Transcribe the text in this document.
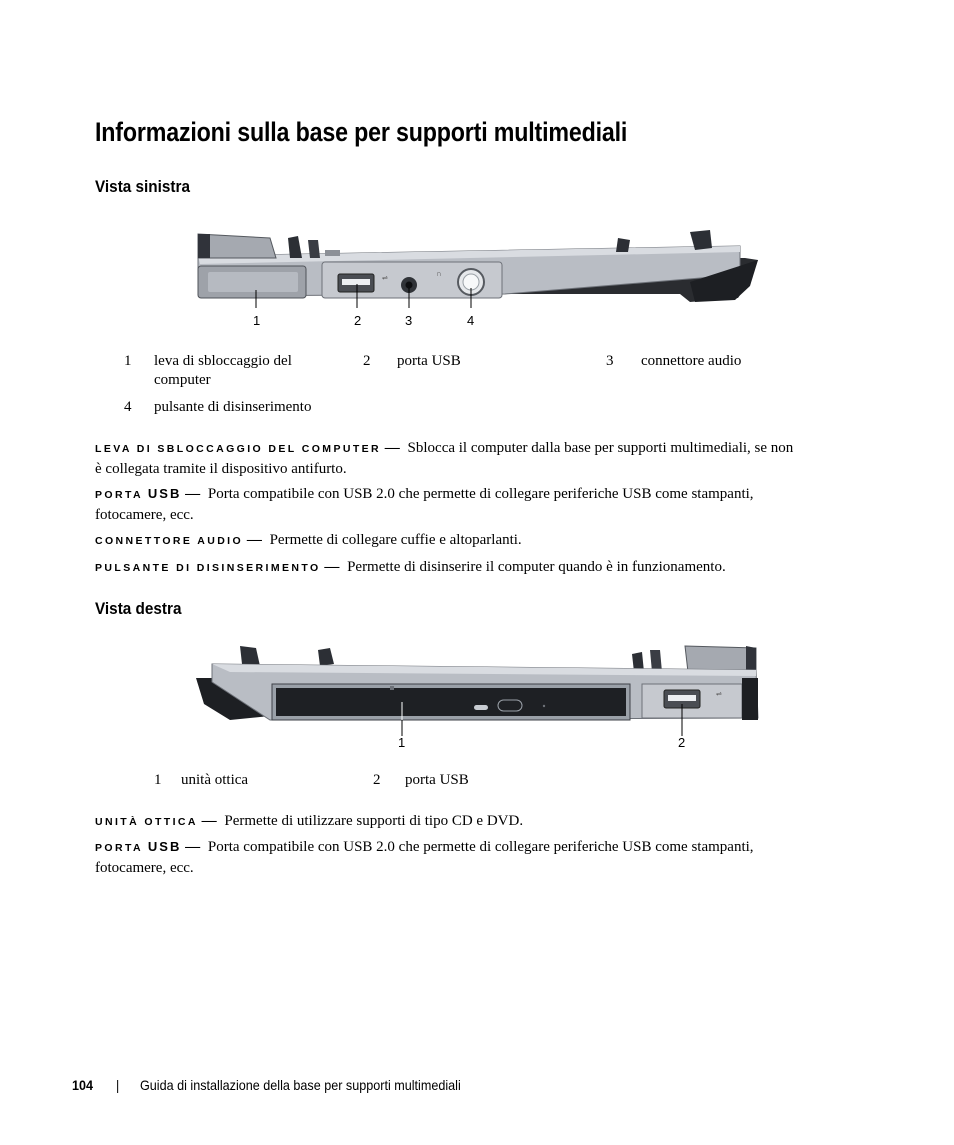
Informazioni sulla base per supporti multimediali
Vista sinistra
⇌
∩
1	2	3	4
1 leva di sbloccaggio del
computer
2 porta USB	3 connettore audio
4 pulsante di disinserimento
LEVA DI SBLOCCAGGIO DEL COMPUTER — Sblocca il computer dalla base per supporti multimediali, se non
è collegata tramite il dispositivo antifurto.
PORTA USB — Porta compatibile con USB 2.0 che permette di collegare periferiche USB come stampanti,
fotocamere, ecc.
CONNETTORE AUDIO — Permette di collegare cuffie e altoparlanti.
PULSANTE DI DISINSERIMENTO — Permette di disinserire il computer quando è in funzionamento.
Vista destra
⇌
1	2
1 unità ottica	2 porta USB
UNITÀ OTTICA — Permette di utilizzare supporti di tipo CD e DVD.
PORTA USB — Porta compatibile con USB 2.0 che permette di collegare periferiche USB come stampanti,
fotocamere, ecc.
104 | Guida di installazione della base per supporti multimediali
